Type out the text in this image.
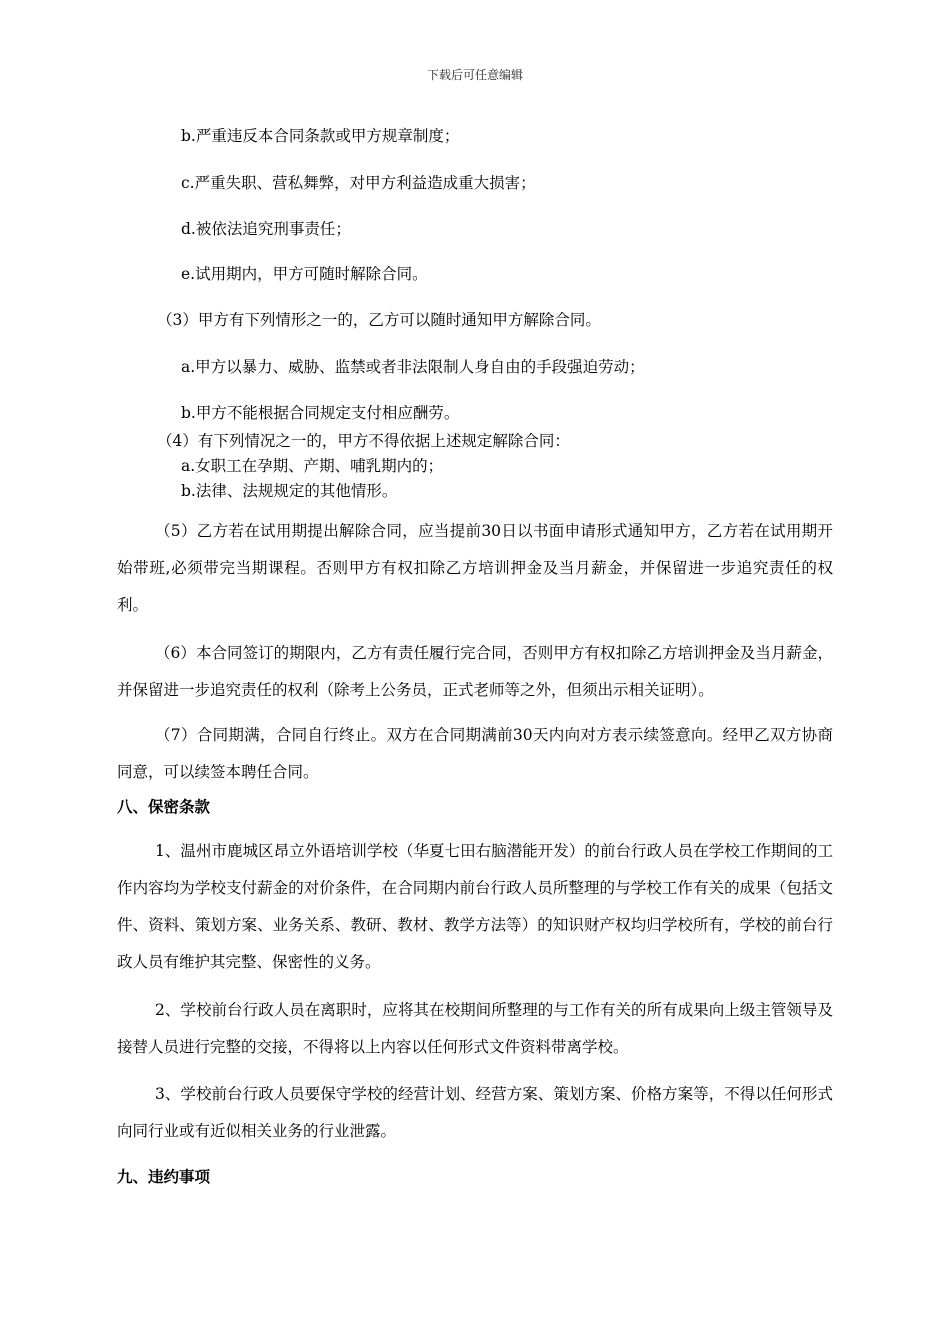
下载后可任意编辑
b.严重违反本合同条款或甲方规章制度；
c.严重失职、营私舞弊，对甲方利益造成重大损害；
d.被依法追究刑事责任；
e.试用期内，甲方可随时解除合同。
（3）甲方有下列情形之一的，乙方可以随时通知甲方解除合同。
a.甲方以暴力、威胁、监禁或者非法限制人身自由的手段强迫劳动；
b.甲方不能根据合同规定支付相应酬劳。
（4）有下列情况之一的，甲方不得依据上述规定解除合同：
a.女职工在孕期、产期、哺乳期内的；
b.法律、法规规定的其他情形。

（5）乙方若在试用期提出解除合同，应当提前30日以书面申请形式通知甲方，乙方若在试用期开始带班,必须带完当期课程。否则甲方有权扣除乙方培训押金及当月薪金，并保留进一步追究责任的权利。

（6）本合同签订的期限内，乙方有责任履行完合同，否则甲方有权扣除乙方培训押金及当月薪金，并保留进一步追究责任的权利（除考上公务员，正式老师等之外，但须出示相关证明）。

（7）合同期满，合同自行终止。双方在合同期满前30天内向对方表示续签意向。经甲乙双方协商同意，可以续签本聘任合同。

八、保密条款

1、温州市鹿城区昂立外语培训学校（华夏七田右脑潜能开发）的前台行政人员在学校工作期间的工作内容均为学校支付薪金的对价条件，在合同期内前台行政人员所整理的与学校工作有关的成果（包括文件、资料、策划方案、业务关系、教研、教材、教学方法等）的知识财产权均归学校所有，学校的前台行政人员有维护其完整、保密性的义务。

2、学校前台行政人员在离职时，应将其在校期间所整理的与工作有关的所有成果向上级主管领导及接替人员进行完整的交接，不得将以上内容以任何形式文件资料带离学校。

3、学校前台行政人员要保守学校的经营计划、经营方案、策划方案、价格方案等，不得以任何形式向同行业或有近似相关业务的行业泄露。

九、违约事项
